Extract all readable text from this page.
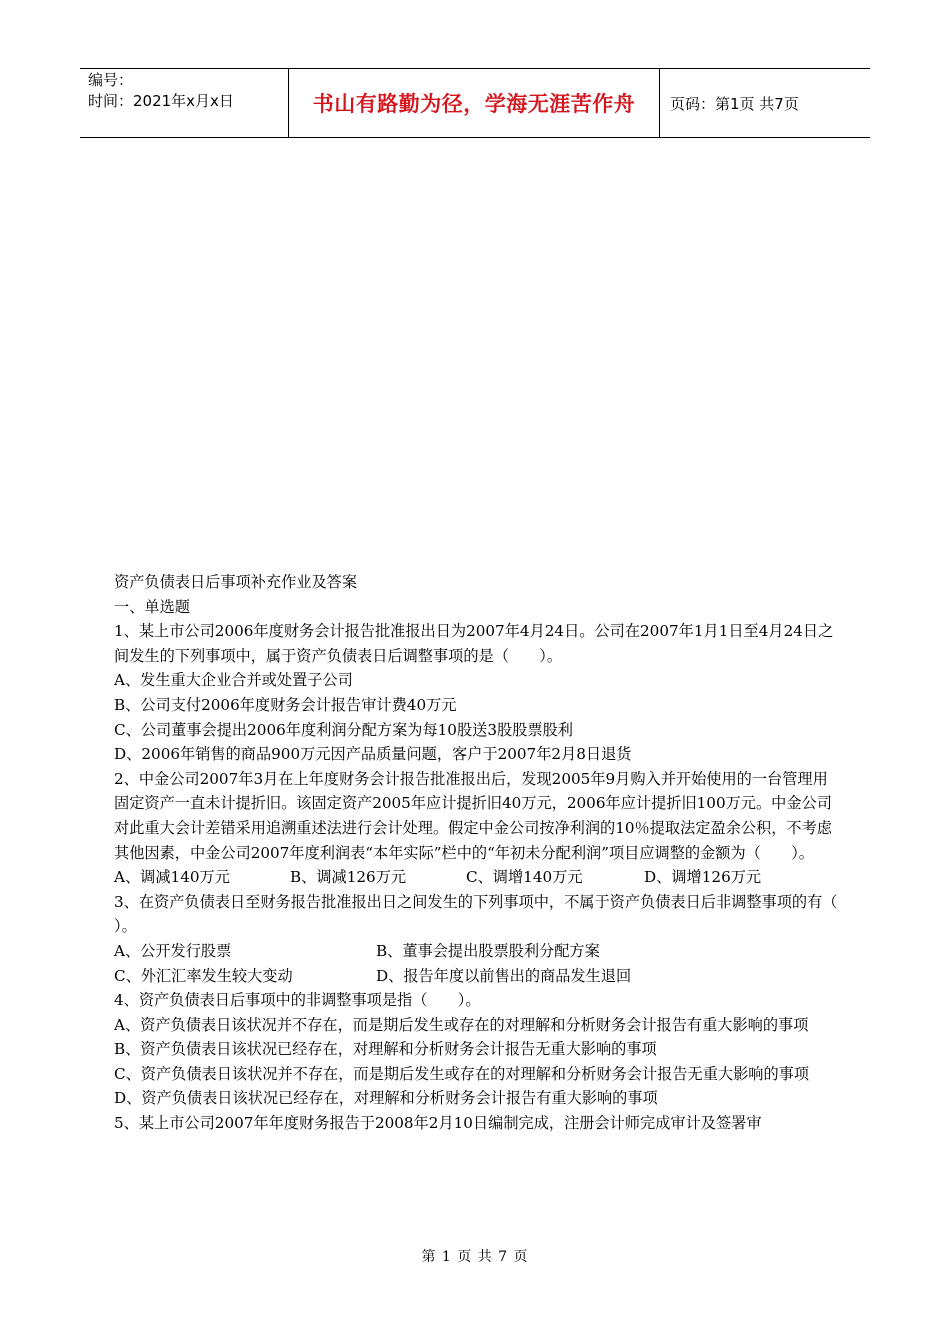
编号：
时间：2021年x月x日	书山有路勤为径，学海无涯苦作舟 页码：第1页 共7页

资产负债表日后事项补充作业及答案

一、单选题

1、某上市公司2006年度财务会计报告批准报出日为2007年4月24日。公司在2007年1月1日至4月24日之间发生的下列事项中，属于资产负债表日后调整事项的是（　　）。

A、发生重大企业合并或处置子公司

B、公司支付2006年度财务会计报告审计费40万元

C、公司董事会提出2006年度利润分配方案为每10股送3股股票股利

D、2006年销售的商品900万元因产品质量问题，客户于2007年2月8日退货

2、中金公司2007年3月在上年度财务会计报告批准报出后，发现2005年9月购入并开始使用的一台管理用固定资产一直未计提折旧。该固定资产2005年应计提折旧40万元，2006年应计提折旧100万元。中金公司对此重大会计差错采用追溯重述法进行会计处理。假定中金公司按净利润的10％提取法定盈余公积，不考虑其他因素，中金公司2007年度利润表“本年实际”栏中的“年初未分配利润”项目应调整的金额为（　　）。

A、调减140万元	B、调减126万元	C、调增140万元	D、调增126万元

3、在资产负债表日至财务报告批准报出日之间发生的下列事项中，不属于资产负债表日后非调整事项的有（　　）。

A、公开发行股票	B、董事会提出股票股利分配方案
C、外汇汇率发生较大变动	D、报告年度以前售出的商品发生退回

4、资产负债表日后事项中的非调整事项是指（　　）。

A、资产负债表日该状况并不存在，而是期后发生或存在的对理解和分析财务会计报告有重大影响的事项

B、资产负债表日该状况已经存在，对理解和分析财务会计报告无重大影响的事项

C、资产负债表日该状况并不存在，而是期后发生或存在的对理解和分析财务会计报告无重大影响的事项

D、资产负债表日该状况已经存在，对理解和分析财务会计报告有重大影响的事项

5、某上市公司2007年年度财务报告于2008年2月10日编制完成，注册会计师完成审计及签署审

第 1 页 共 7 页
